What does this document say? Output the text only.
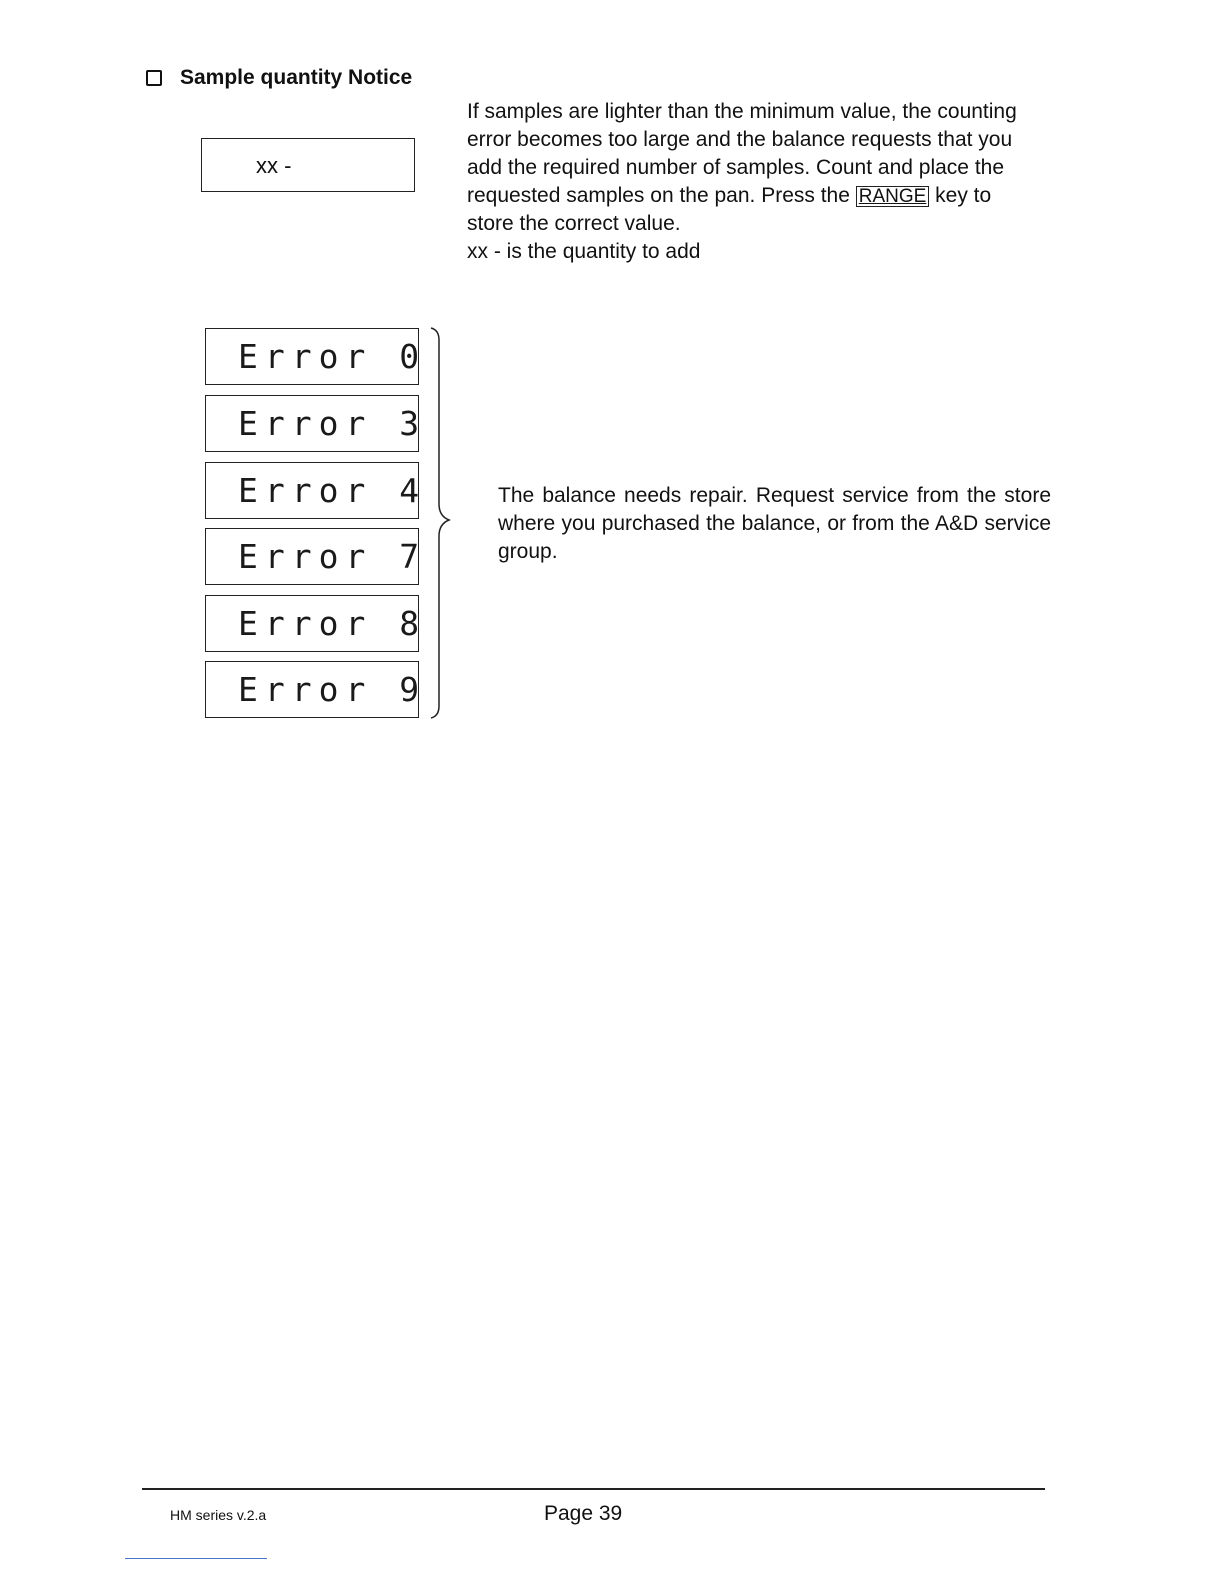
Sample quantity Notice
xx -

If samples are lighter than the minimum value, the counting

error becomes too large and the balance requests that you

add the required number of samples. Count and place the

requested samples on the pan. Press the RANGE key to

store the correct value.

xx - is the quantity to add

Error 0
Error 3
Error 4
Error 7
Error 8
Error 9
The balance needs repair. Request service from the store where you purchased the balance, or from the A&D service group.
HM series v.2.a	Page 39
